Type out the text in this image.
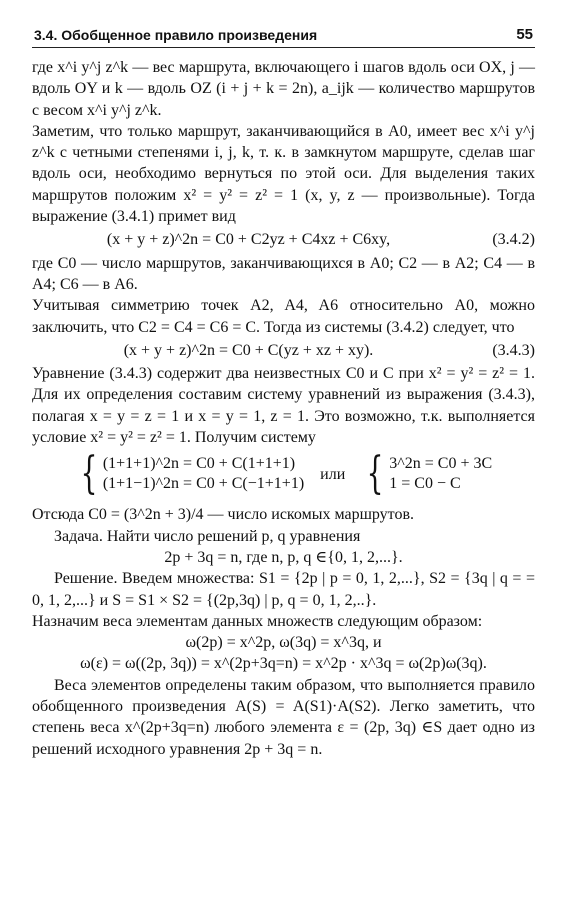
3.4. Обобщенное правило произведения	55

где x^i y^j z^k — вес маршрута, включающего i шагов вдоль оси OX, j — вдоль OY и k — вдоль OZ (i + j + k = 2n), a_ijk — количество маршрутов с весом x^i y^j z^k.

Заметим, что только маршрут, заканчивающийся в A0, имеет вес x^i y^j z^k с четными степенями i, j, k, т. к. в замкнутом маршруте, сделав шаг вдоль оси, необходимо вернуться по этой оси. Для выделения таких маршрутов положим x² = y² = z² = 1 (x, y, z — произвольные). Тогда выражение (3.4.1) примет вид

(x + y + z)^2n = C0 + C2yz + C4xz + C6xy,	(3.4.2)

где C0 — число маршрутов, заканчивающихся в A0; C2 — в A2; C4 — в A4; C6 — в A6.

Учитывая симметрию точек A2, A4, A6 относительно A0, можно заключить, что C2 = C4 = C6 = C. Тогда из системы (3.4.2) следует, что

(x + y + z)^2n = C0 + C(yz + xz + xy).	(3.4.3)

Уравнение (3.4.3) содержит два неизвестных C0 и C при x² = y² = z² = 1. Для их определения составим систему уравнений из выражения (3.4.3), полагая x = y = z = 1 и x = y = 1, z = 1. Это возможно, т.к. выполняется условие x² = y² = z² = 1. Получим систему

{ (1+1+1)^2n = C0 + C(1+1+1)
(1+1−1)^2n = C0 + C(−1+1+1)
или { 3^2n = C0 + 3C
1 = C0 − C

Отсюда C0 = (3^2n + 3)/4 — число искомых маршрутов.

Задача. Найти число решений p, q уравнения

2p + 3q = n, где n, p, q ∈{0, 1, 2,...}.

Решение. Введем множества: S1 = {2p | p = 0, 1, 2,...}, S2 = {3q | q = = 0, 1, 2,...} и S = S1 × S2 = {(2p,3q) | p, q = 0, 1, 2,..}.

Назначим веса элементам данных множеств следующим образом:

ω(2p) = x^2p, ω(3q) = x^3q, и

ω(ε) = ω((2p, 3q)) = x^(2p+3q=n) = x^2p · x^3q = ω(2p)ω(3q).

Веса элементов определены таким образом, что выполняется правило обобщенного произведения A(S) = A(S1)·A(S2). Легко заметить, что степень веса x^(2p+3q=n) любого элемента ε = (2p, 3q) ∈S дает одно из решений исходного уравнения 2p + 3q = n.
